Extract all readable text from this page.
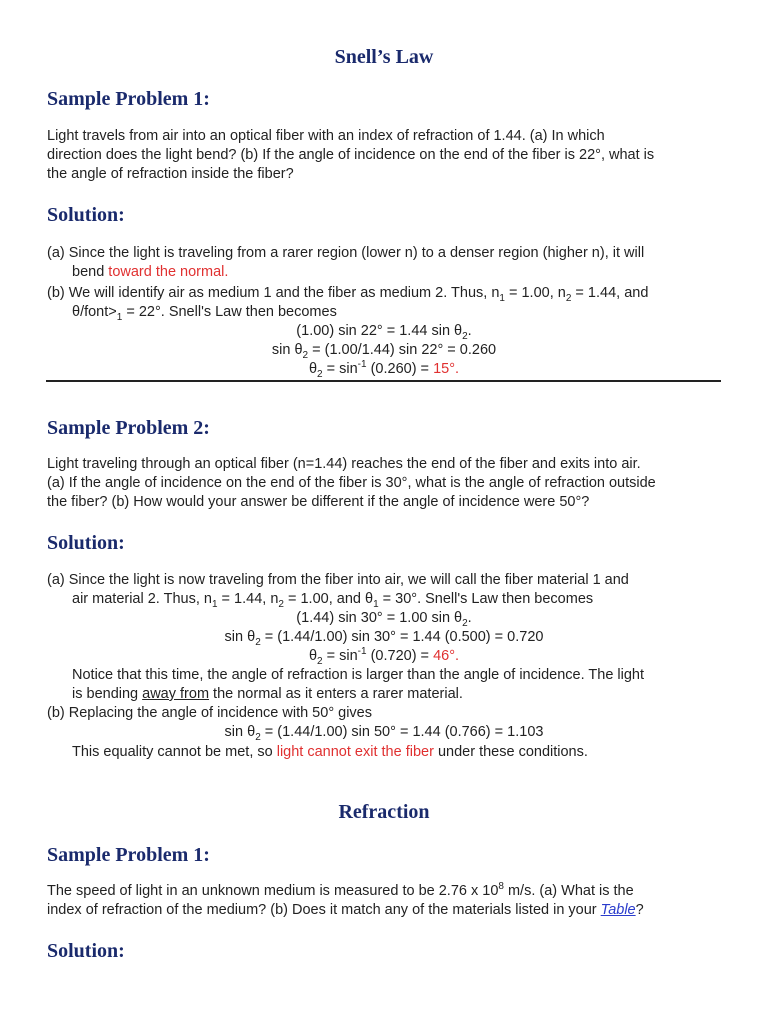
Snell’s Law
Sample Problem 1:
Light travels from air into an optical fiber with an index of refraction of 1.44. (a) In which
direction does the light bend? (b) If the angle of incidence on the end of the fiber is 22°, what is
the angle of refraction inside the fiber?
Solution:
(a) Since the light is traveling from a rarer region (lower n) to a denser region (higher n), it will
bend toward the normal.
(b) We will identify air as medium 1 and the fiber as medium 2. Thus, $n_1 = 1.00$, $n_2 = 1.44$, and
$\theta/font>_1 = 22^\circ$. Snell's Law then becomes
(1.00) sin 22° = 1.44 $\sin \theta_2$.
$\sin \theta_2 = (1.00/1.44)$ sin 22° = 0.260
$\theta_2 = \sin^{-1} (0.260) = 15^\circ$.
Sample Problem 2:
Light traveling through an optical fiber (n=1.44) reaches the end of the fiber and exits into air.
(a) If the angle of incidence on the end of the fiber is 30°, what is the angle of refraction outside
the fiber? (b) How would your answer be different if the angle of incidence were 50°?
Solution:
(a) Since the light is now traveling from the fiber into air, we will call the fiber material 1 and
air material 2. Thus, $n_1 = 1.44$, $n_2 = 1.00$, and $\theta_1 = 30^\circ$. Snell's Law then becomes
(1.44) sin 30° = 1.00 $\sin \theta_2$.
$\sin \theta_2 = (1.44/1.00)$ sin 30° = 1.44 (0.500) = 0.720
$\theta_2 = \sin^{-1} (0.720) = 46^\circ$.
Notice that this time, the angle of refraction is larger than the angle of incidence. The light
is bending away from the normal as it enters a rarer material.
(b) Replacing the angle of incidence with 50° gives
$\sin \theta_2 = (1.44/1.00)$ sin 50° = 1.44 (0.766) = 1.103
This equality cannot be met, so light cannot exit the fiber under these conditions.
Refraction
Sample Problem 1:
The speed of light in an unknown medium is measured to be 2.76 x $10^8$ m/s. (a) What is the
index of refraction of the medium? (b) Does it match any of the materials listed in your Table?
Solution:
